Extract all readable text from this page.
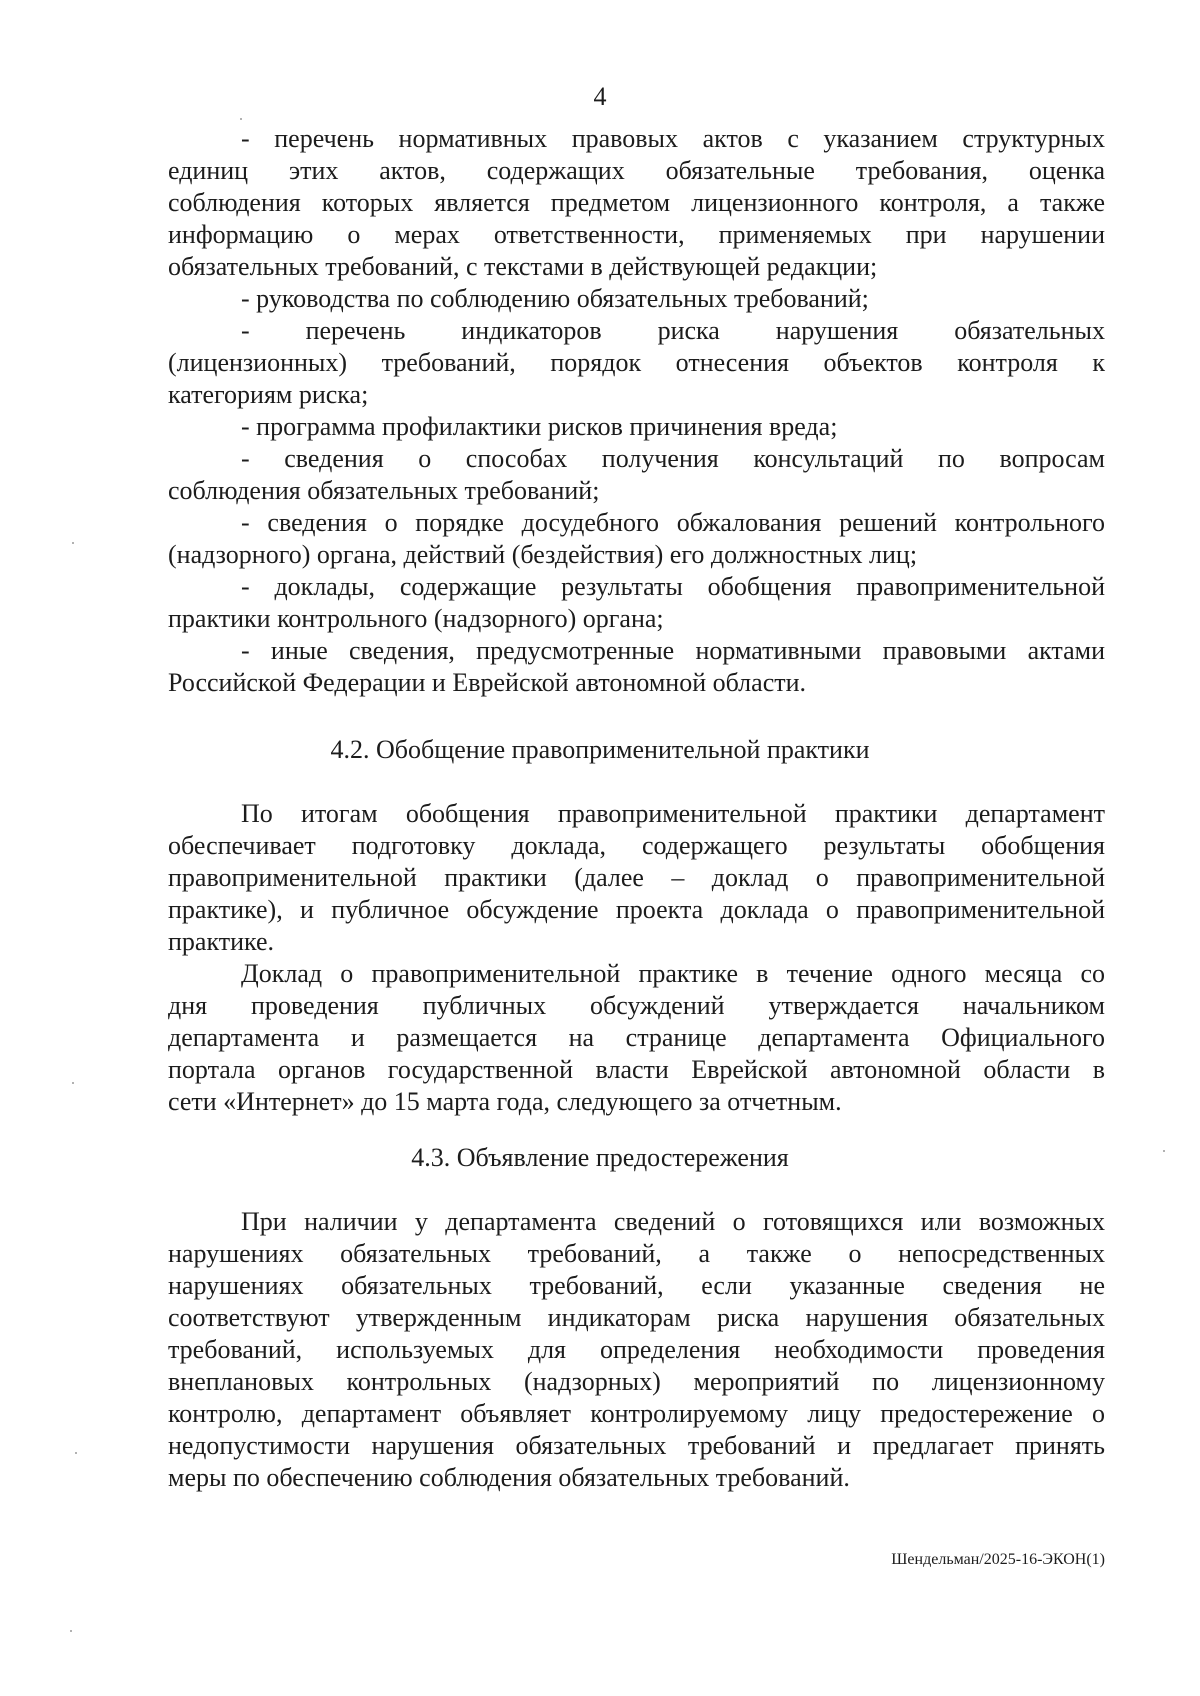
4

- перечень нормативных правовых актов с указанием структурных
единиц этих актов, содержащих обязательные требования, оценка
соблюдения которых является предметом лицензионного контроля, а также
информацию о мерах ответственности, применяемых при нарушении
обязательных требований, с текстами в действующей редакции;

- руководства по соблюдению обязательных требований;

- перечень индикаторов риска нарушения обязательных
(лицензионных) требований, порядок отнесения объектов контроля к
категориям риска;

- программа профилактики рисков причинения вреда;

- сведения о способах получения консультаций по вопросам
соблюдения обязательных требований;

- сведения о порядке досудебного обжалования решений контрольного
(надзорного) органа, действий (бездействия) его должностных лиц;

- доклады, содержащие результаты обобщения правоприменительной
практики контрольного (надзорного) органа;

- иные сведения, предусмотренные нормативными правовыми актами
Российской Федерации и Еврейской автономной области.

4.2. Обобщение правоприменительной практики

По итогам обобщения правоприменительной практики департамент
обеспечивает подготовку доклада, содержащего результаты обобщения
правоприменительной практики (далее – доклад о правоприменительной
практике), и публичное обсуждение проекта доклада о правоприменительной
практике.

Доклад о правоприменительной практике в течение одного месяца со
дня проведения публичных обсуждений утверждается начальником
департамента и размещается на странице департамента Официального
портала органов государственной власти Еврейской автономной области в
сети «Интернет» до 15 марта года, следующего за отчетным.

4.3. Объявление предостережения

При наличии у департамента сведений о готовящихся или возможных
нарушениях обязательных требований, а также о непосредственных
нарушениях обязательных требований, если указанные сведения не
соответствуют утвержденным индикаторам риска нарушения обязательных
требований, используемых для определения необходимости проведения
внеплановых контрольных (надзорных) мероприятий по лицензионному
контролю, департамент объявляет контролируемому лицу предостережение о
недопустимости нарушения обязательных требований и предлагает принять
меры по обеспечению соблюдения обязательных требований.

Шендельман/2025-16-ЭКОН(1)
